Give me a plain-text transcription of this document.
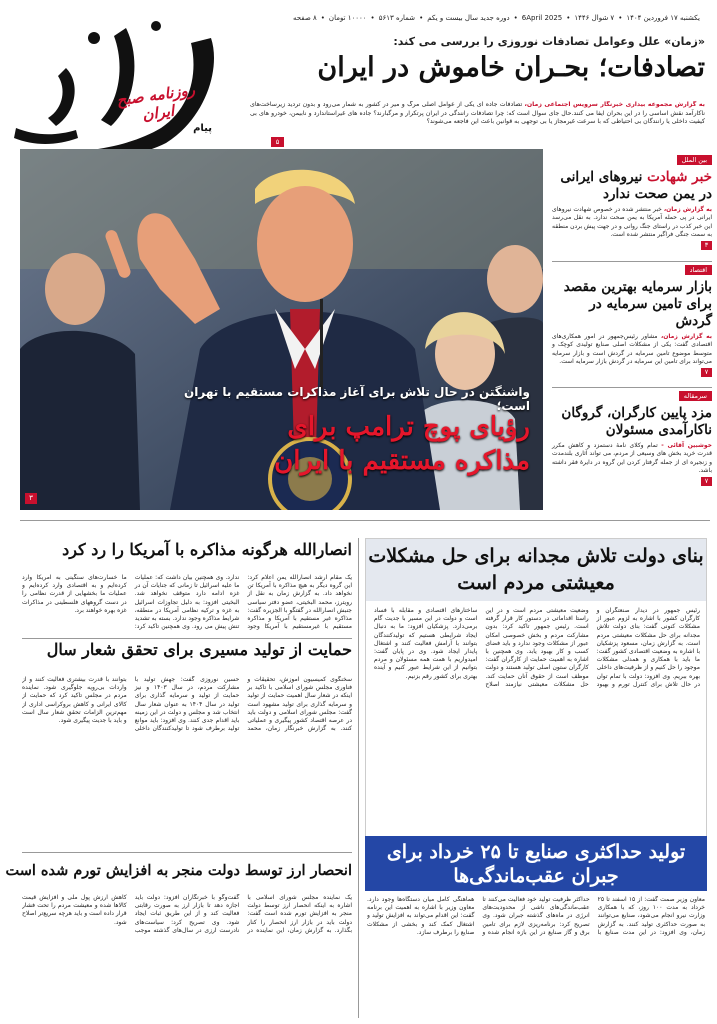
یکشنبه ۱۷ فروردین ۱۴۰۴
•
۷ شوال ۱۴۴۶
•
6April 2025
•
دوره جدید سال بیست و یکم
•
شماره ۵۶۱۳
•
۱۰۰۰۰ تومان
•
۸ صفحه
روزنامه صبح ایران
پیام
«زمان» علل وعوامل تصادفات نوروزی را بررسی می کند:
تصادفات؛ بحـران خاموش در ایران
به گزارش مجموعه بیداری خبرنگار سرویس اجتماعی زمان، تصادفات جاده ای یکی از عوامل اصلی مرگ و میر در کشور به شمار می‌رود و بدون تردید زیرساخت‌های ناکارآمد نقش اساسی را در این بحران ایفا می کنند.حال جای سوال است که: چرا تصادفات رانندگی در ایران پرتکرار و مرگبارند؟ جاده های غیراستاندارد و نابیمن، خودرو های بی کیفیت داخلی یا رانندگان بی احتیاطی که با سرعت غیرمجاز یا بی توجهی به قوانین باعث این فاجعه می‌شوند؟
۵
واشنگتن در حال تلاش برای آغاز مذاکرات مستقیم با تهران است؛
رؤیای پوچ ترامپ برای
مذاکره مستقیم با ایران
۳
بین الملل
خبر شهادت نیروهای ایرانی در یمن صحت ندارد
به گزارش زمان، خبر منتشر شده در خصوص شهادت نیروهای ایرانی در پی حمله آمریکا به یمن صحت ندارد. به نقل می‌رسد این خبر کذب در راستای جنگ روانی و در جهت پیش بردن منطقه به سمت جنگی فراگیر منتشر شده است.
۳
اقتصاد
بازار سرمایه بهترین مقصد برای تامین سرمایه در گردش
به گزارش زمان، مشاور رئیس‌جمهور در امور همکاری‌های اقتصادی گفت: یکی از مشکلات اصلی صنایع تولیدی کوچک و متوسط موضوع تامین سرمایه در گردش است و بازار سرمایه می‌تواند برای تامین این سرمایه در گردش بازار سرمایه است.
۷
سرمقاله
مزد پایین کارگران، گروگان ناکارآمدی مسئولان
خوشبین آقائی - تمام وکلای نامهٔ دستمزد و کاهش مکرر قدرت خرید بخش های وسیعی از مردم، می تواند آثاری بلندمدت و زنجیره ای از جمله گرفتار کردن این گروه در دایرهٔ فقر داشته باشد.
۷
بنای دولت تلاش مجدانه برای حل مشکلات معیشتی مردم است
رئیس جمهور در دیدار صنعتگران و کارگران کشور با اشاره به لزوم عبور از مشکلات کنونی گفت: بنای دولت تلاش مجدانه برای حل مشکلات معیشتی مردم است. به گزارش زمان، مسعود پزشکیان با اشاره به وضعیت اقتصادی کشور گفت: ما باید با همکاری و همدلی مشکلات موجود را حل کنیم و از ظرفیت‌های داخلی بهره ببریم. وی افزود: دولت با تمام توان در حال تلاش برای کنترل تورم و بهبود وضعیت معیشتی مردم است و در این راستا اقداماتی در دستور کار قرار گرفته است. رئیس جمهور تاکید کرد: بدون مشارکت مردم و بخش خصوصی امکان عبور از مشکلات وجود ندارد و باید فضای کسب و کار بهبود یابد. وی همچنین با اشاره به اهمیت حمایت از کارگران گفت: کارگران ستون اصلی تولید هستند و دولت موظف است از حقوق آنان حمایت کند. حل مشکلات معیشتی نیازمند اصلاح ساختارهای اقتصادی و مقابله با فساد است و دولت در این مسیر با جدیت گام برمی‌دارد. پزشکیان افزود: ما به دنبال ایجاد شرایطی هستیم که تولیدکنندگان بتوانند با آرامش فعالیت کنند و اشتغال پایدار ایجاد شود. وی در پایان گفت: امیدواریم با همت همه مسئولان و مردم بتوانیم از این شرایط عبور کنیم و آینده بهتری برای کشور رقم بزنیم.
تولید حداکثری صنایع تا ۲۵ خرداد برای جبران عقب‌ماندگی‌ها
معاون وزیر صمت گفت: از ۱۵ اسفند تا ۲۵ خرداد به مدت ۱۰۰ روز، که با همکاری وزارت نیرو انجام می‌شود، صنایع می‌توانند به صورت حداکثری تولید کنند. به گزارش زمان، وی افزود: در این مدت صنایع با حداکثر ظرفیت تولید خود فعالیت می‌کنند تا عقب‌ماندگی‌های ناشی از محدودیت‌های انرژی در ماه‌های گذشته جبران شود. وی تصریح کرد: برنامه‌ریزی لازم برای تامین برق و گاز صنایع در این بازه انجام شده و هماهنگی کامل میان دستگاه‌ها وجود دارد. معاون وزیر با اشاره به اهمیت این برنامه گفت: این اقدام می‌تواند به افزایش تولید و اشتغال کمک کند و بخشی از مشکلات صنایع را برطرف سازد.
انصارالله هرگونه مذاکره با آمریکا را رد کرد
یک مقام ارشد انصارالله یمن اعلام کرد: این گروه دیگر به هیچ مذاکره با آمریکا تن نخواهد داد. به گزارش زمان به نقل از رویترز، محمد البخیتی، عضو دفتر سیاسی جنبش انصارالله در گفتگو با الجزیره گفت: مذاکره غیر مستقیم با آمریکا و مذاکره مستقیم با غیرمستقیم با آمریکا وجود ندارد. وی همچنین بیان داشت که: عملیات ما علیه اسرائیل تا زمانی که جنایات آن در غزه ادامه دارد متوقف نخواهد شد. البخیتی افزود: به دلیل تجاوزات اسرائیل به غزه و ترکیه نظامی آمریکا در منطقه، شرایط مذاکره وجود ندارد. بسته به تشدید تنش پیش می رود. وی همچنین تاکید کرد: ما خسارت‌های سنگینی به آمریکا وارد کرده‌ایم و به اقتصادی وارد کرده‌ایم و عملیات ما بخشهایی از قدرت نظامی را در دست گروههای فلسطینی در مذاکرات غزه بهره خواهند برد.
حمایت از تولید مسیری برای تحقق شعار سال
سخنگوی کمیسیون آموزش، تحقیقات و فناوری مجلس شورای اسلامی با تاکید بر اینکه در شعار سال اهمیت حمایت از تولید و سرمایه گذاری برای تولید مشهود است گفت: مجلس شورای اسلامی و دولت باید در عرصه اقتصاد کشور پیگیری و عملیاتی کنند. به گزارش خبرنگار زمان، محمد حسین نوروزی گفت: جهش تولید با مشارکت مردم، در سال ۱۴۰۳ و نیز حمایت از تولید و سرمایه گذاری برای تولید در سال ۱۴۰۴ به عنوان شعار سال انتخاب شد و مجلس و دولت در این زمینه باید اقدام جدی کنند. وی افزود: باید موانع تولید برطرف شود تا تولیدکنندگان داخلی بتوانند با قدرت بیشتری فعالیت کنند و از واردات بی‌رویه جلوگیری شود. نماینده مردم در مجلس تاکید کرد که حمایت از کالای ایرانی و کاهش بروکراسی اداری از مهم‌ترین الزامات تحقق شعار سال است و باید با جدیت پیگیری شود.
انحصار ارز توسط دولت منجر به افزایش تورم شده است
یک نماینده مجلس شورای اسلامی با اشاره به اینکه انحصار ارز توسط دولت منجر به افزایش تورم شده است گفت: دولت باید در بازار ارز انحصار را کنار بگذارد. به گزارش زمان، این نماینده در گفت‌وگو با خبرنگاران افزود: دولت باید اجازه دهد تا بازار ارز به صورت رقابتی فعالیت کند و از این طریق ثبات ایجاد شود. وی تصریح کرد: سیاست‌های نادرست ارزی در سال‌های گذشته موجب کاهش ارزش پول ملی و افزایش قیمت کالاها شده و معیشت مردم را تحت فشار قرار داده است و باید هرچه سریع‌تر اصلاح شود.
